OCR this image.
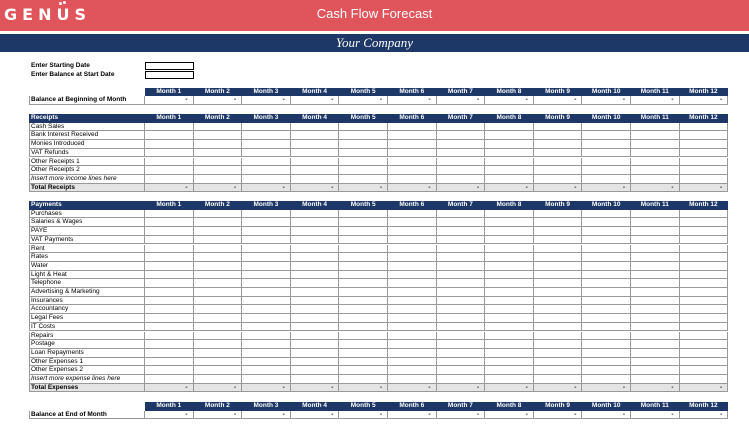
GENUS	Cash Flow Forecast
Your Company
Enter Starting Date
Enter Balance at Start Date
Month 1	Month 2	Month 3	Month 4	Month 5	Month 6	Month 7	Month 8	Month 9	Month 10	Month 11	Month 12
Balance at Beginning of Month	-	-	-	-	-	-	-	-	-	-	-	-
Receipts	Month 1	Month 2	Month 3	Month 4	Month 5	Month 6	Month 7	Month 8	Month 9	Month 10	Month 11	Month 12
Cash Sales
Bank Interest Received
Monies Introduced
VAT Refunds
Other Receipts 1
Other Receipts 2
Insert more income lines here
Total Receipts	-	-	-	-	-	-	-	-	-	-	-	-
Payments	Month 1	Month 2	Month 3	Month 4	Month 5	Month 6	Month 7	Month 8	Month 9	Month 10	Month 11	Month 12
Purchases
Salaries & Wages
PAYE
VAT Payments
Rent
Rates
Water
Light & Heat
Telephone
Advertising & Marketing
Insurances
Accountancy
Legal Fees
IT Costs
Repairs
Postage
Loan Repayments
Other Expenses 1
Other Expenses 2
Insert more expense lines here
Total Expenses	-	-	-	-	-	-	-	-	-	-	-	-
Month 1	Month 2	Month 3	Month 4	Month 5	Month 6	Month 7	Month 8	Month 9	Month 10	Month 11	Month 12
Balance at End of Month	-	-	-	-	-	-	-	-	-	-	-	-
